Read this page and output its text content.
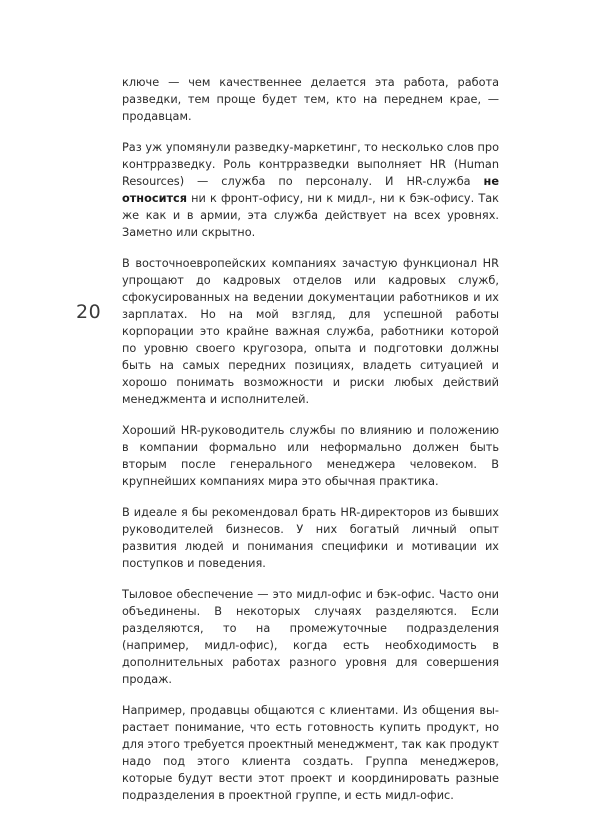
20

ключе — чем качественнее делается эта работа, работа разведки, тем проще будет тем, кто на переднем крае, — продавцам.

Раз уж упомянули разведку-маркетинг, то несколько слов про контрразведку. Роль контрразведки выполняет HR (Human Resources) — служба по персоналу. И HR-служба не относится ни к фронт-офису, ни к мидл-, ни к бэк-офису. Так же как и в армии, эта служба действует на всех уровнях. Заметно или скрытно.

В восточноевропейских компаниях зачастую функционал HR упрощают до кадровых отделов или кадровых служб, сфокусированных на ведении документации работников и их зарплатах. Но на мой взгляд, для успешной работы корпорации это крайне важная служба, работники которой по уровню своего кругозора, опыта и подготовки должны быть на самых передних позициях, владеть ситуацией и хорошо понимать возможности и риски любых действий менеджмента и исполнителей.

Хороший HR-руководитель службы по влиянию и положению в компании формально или неформально должен быть вторым после генерального менеджера человеком. В крупнейших компаниях мира это обычная практика.

В идеале я бы рекомендовал брать HR-директоров из бывших руководителей бизнесов. У них богатый личный опыт развития людей и понимания специфики и мотивации их поступков и поведения.

Тыловое обеспечение — это мидл-офис и бэк-офис. Часто они объединены. В некоторых случаях разделяются. Если разделяются, то на промежуточные подразделения (например, мидл-офис), когда есть необходимость в дополнительных работах разного уровня для совершения продаж.

Например, продавцы общаются с клиентами. Из общения вырастает понимание, что есть готовность купить продукт, но для этого требуется проектный менеджмент, так как продукт надо под этого клиента создать. Группа менеджеров, которые будут вести этот проект и координировать разные подразделения в проектной группе, и есть мидл-офис.
